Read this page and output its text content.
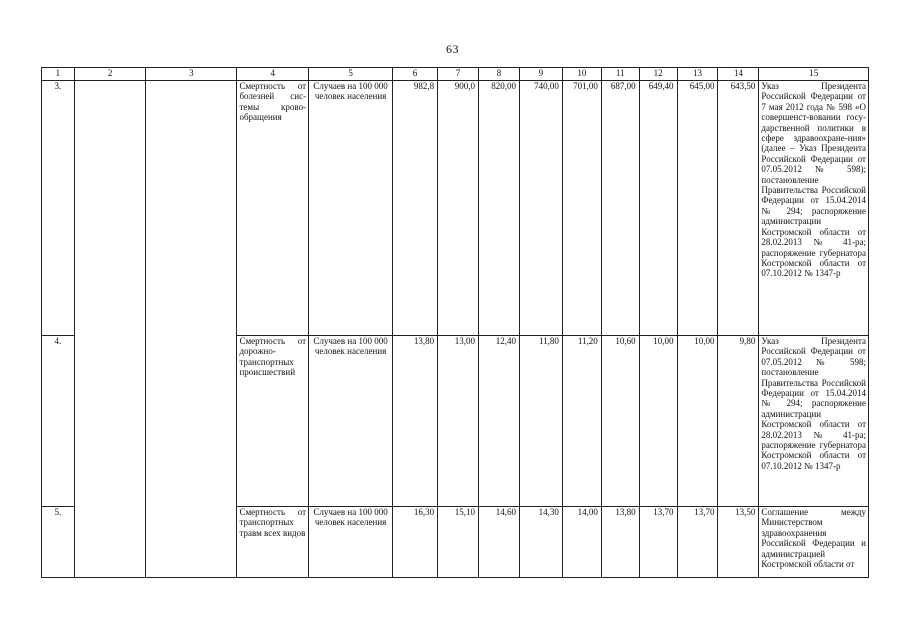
63
1	2	3	4	5	6	7	8	9	10	11	12	13	14	15
3.			Смертность от болезней сис-темы крово-обращения	Случаев на 100 000 человек населения	982,8	900,0	820,00	740,00	701,00	687,00	649,40	645,00	643,50	Указ Президента Российской Федерации от 7 мая 2012 года № 598 «О совершенст-вовании госу-дарственной политики в сфере здравоохране-ния» (далее – Указ Президента Российской Федерации от 07.05.2012 № 598); постановление Правительства Российской Федерации от 15.04.2014 № 294; распоряжение администрации Костромской области от 28.02.2013 № 41-ра; распоряжение губернатора Костромской области от 07.10.2012 № 1347-р
4.			Смертность от дорожно-транспортных происшествий	Случаев на 100 000 человек населения	13,80	13,00	12,40	11,80	11,20	10,60	10,00	10,00	9,80	Указ Президента Российской Федерации от 07.05.2012 № 598; постановление Правительства Российской Федерации от 15.04.2014 № 294; распоряжение администрации Костромской области от 28.02.2013 № 41-ра; распоряжение губернатора Костромской области от 07.10.2012 № 1347-р
5.			Смертность от транспортных травм всех видов	Случаев на 100 000 человек населения	16,30	15,10	14,60	14,30	14,00	13,80	13,70	13,70	13,50	Соглашение между Министерством здравоохранения Российской Федерации и администрацией Костромской области от
